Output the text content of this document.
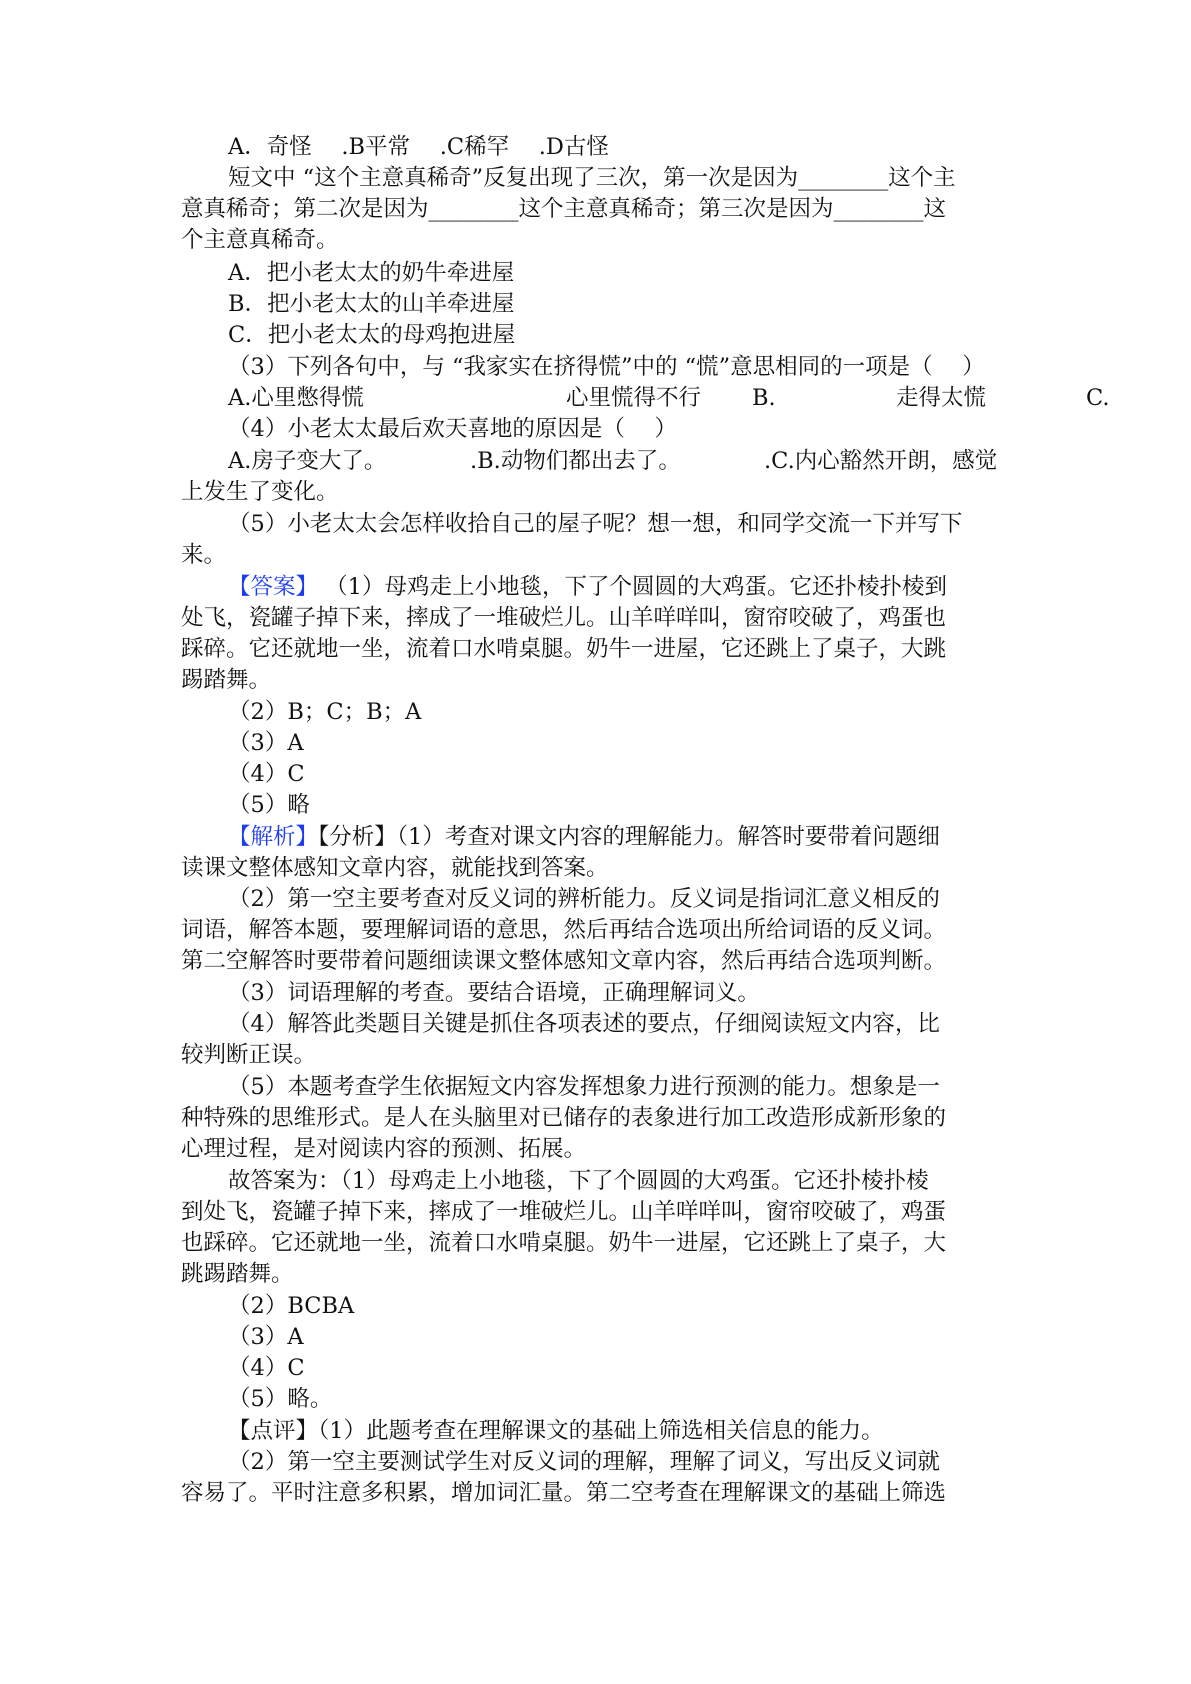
A．奇怪　 .B平常　 .C稀罕　 .D古怪
短文中 “这个主意真稀奇”反复出现了三次，第一次是因为________这个主
意真稀奇；第二次是因为________这个主意真稀奇；第三次是因为________这
个主意真稀奇。
A．把小老太太的奶牛牵进屋
B．把小老太太的山羊牵进屋
C．把小老太太的母鸡抱进屋
（3）下列各句中，与 “我家实在挤得慌”中的 “慌”意思相同的一项是（　 ）
A.心里憋得慌	心里慌得不行 B.	走得太慌	C.
（4）小老太太最后欢天喜地的原因是（　 ）
A.房子变大了。	.B.动物们都出去了。	.C.内心豁然开朗，感觉
上发生了变化。
（5）小老太太会怎样收拾自己的屋子呢？想一想，和同学交流一下并写下
来。
【答案】 （1）母鸡走上小地毯，下了个圆圆的大鸡蛋。它还扑棱扑棱到
处飞，瓷罐子掉下来，摔成了一堆破烂儿。山羊咩咩叫，窗帘咬破了，鸡蛋也
踩碎。它还就地一坐，流着口水啃桌腿。奶牛一进屋，它还跳上了桌子，大跳
踢踏舞。
（2）B；C；B；A
（3）A
（4）C
（5）略
【解析】【分析】（1）考查对课文内容的理解能力。解答时要带着问题细
读课文整体感知文章内容，就能找到答案。
（2）第一空主要考查对反义词的辨析能力。反义词是指词汇意义相反的
词语，解答本题，要理解词语的意思，然后再结合选项出所给词语的反义词。
第二空解答时要带着问题细读课文整体感知文章内容，然后再结合选项判断。
（3）词语理解的考查。要结合语境，正确理解词义。
（4）解答此类题目关键是抓住各项表述的要点，仔细阅读短文内容，比
较判断正误。
（5）本题考查学生依据短文内容发挥想象力进行预测的能力。想象是一
种特殊的思维形式。是人在头脑里对已储存的表象进行加工改造形成新形象的
心理过程，是对阅读内容的预测、拓展。
故答案为：（1）母鸡走上小地毯，下了个圆圆的大鸡蛋。它还扑棱扑棱
到处飞，瓷罐子掉下来，摔成了一堆破烂儿。山羊咩咩叫，窗帘咬破了，鸡蛋
也踩碎。它还就地一坐，流着口水啃桌腿。奶牛一进屋，它还跳上了桌子，大
跳踢踏舞。
（2）BCBA
（3）A
（4）C
（5）略。
【点评】（1）此题考查在理解课文的基础上筛选相关信息的能力。
（2）第一空主要测试学生对反义词的理解，理解了词义，写出反义词就
容易了。平时注意多积累，增加词汇量。第二空考查在理解课文的基础上筛选
